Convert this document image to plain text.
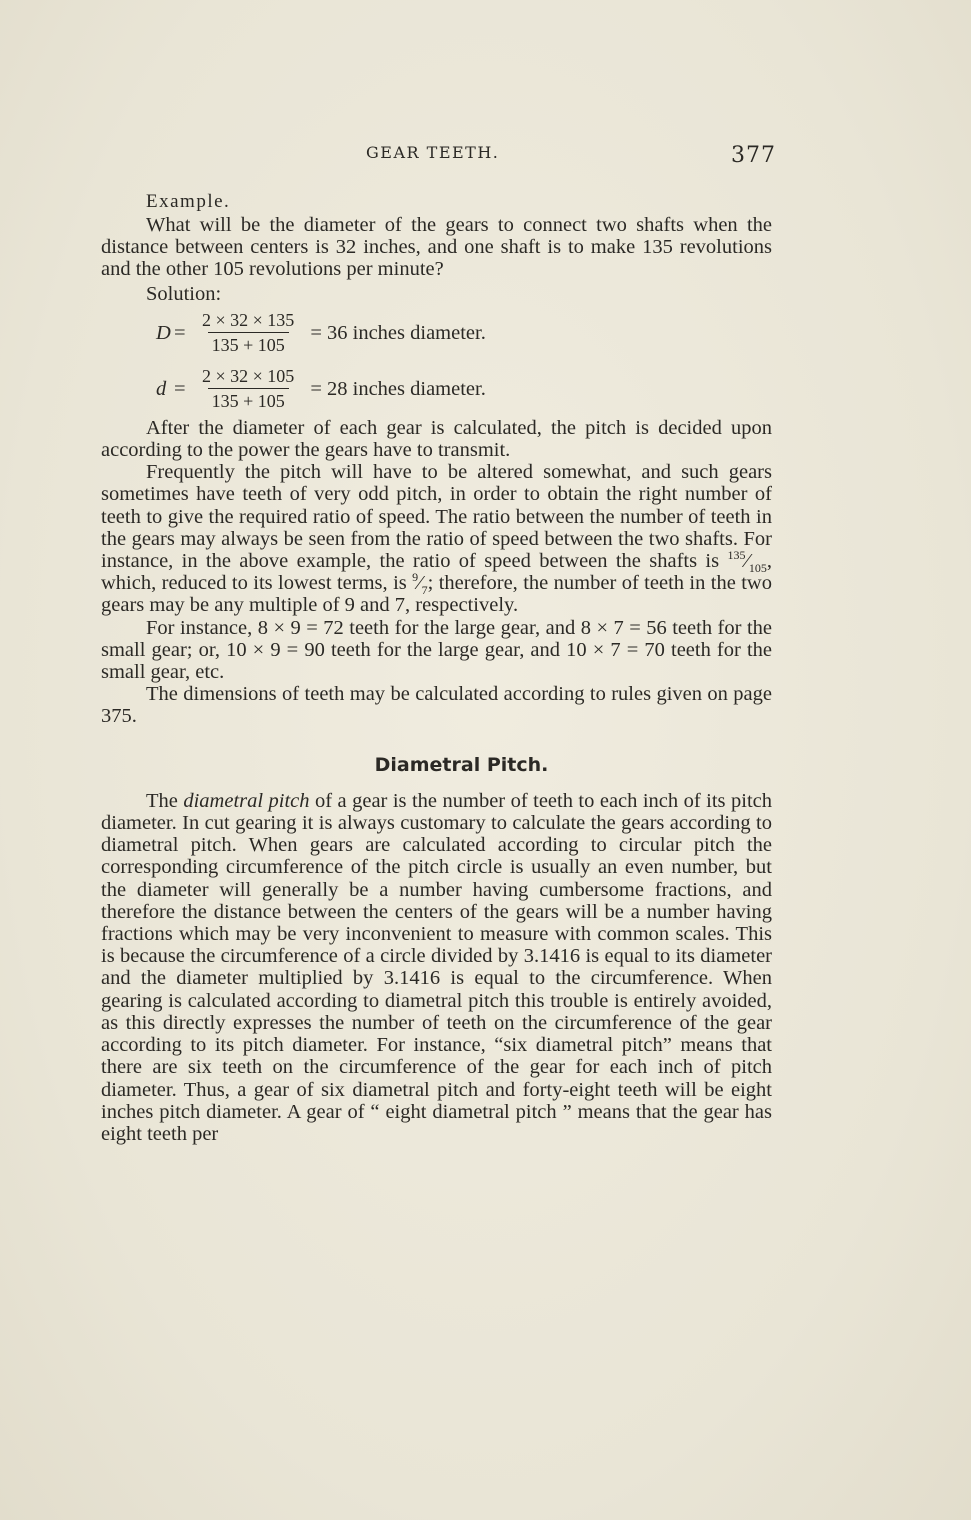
GEAR TEETH.	377
Example.

What will be the diameter of the gears to connect two shafts when the distance between centers is 32 inches, and one shaft is to make 135 revolutions and the other 105 revolutions per minute?

Solution:
$D = \frac{2 \times 32 \times 135}{135 + 105} = 36$ inches diameter.
$d = \frac{2 \times 32 \times 105}{135 + 105} = 28$ inches diameter.

After the diameter of each gear is calculated, the pitch is decided upon according to the power the gears have to transmit.

Frequently the pitch will have to be altered somewhat, and such gears sometimes have teeth of very odd pitch, in order to obtain the right number of teeth to give the required ratio of speed. The ratio between the number of teeth in the gears may always be seen from the ratio of speed between the two shafts. For instance, in the above example, the ratio of speed between the shafts is $^{135}⁄_{105}$, which, reduced to its lowest terms, is $^9⁄_7$; therefore, the number of teeth in the two gears may be any multiple of 9 and 7, respectively.

For instance, 8 × 9 = 72 teeth for the large gear, and 8 × 7 = 56 teeth for the small gear; or, 10 × 9 = 90 teeth for the large gear, and 10 × 7 = 70 teeth for the small gear, etc.

The dimensions of teeth may be calculated according to rules given on page 375.

Diametral Pitch.

The diametral pitch of a gear is the number of teeth to each inch of its pitch diameter. In cut gearing it is always customary to calculate the gears according to diametral pitch. When gears are calculated according to circular pitch the corresponding circumference of the pitch circle is usually an even number, but the diameter will generally be a number having cumbersome fractions, and therefore the distance between the centers of the gears will be a number having fractions which may be very inconvenient to measure with common scales. This is because the circumference of a circle divided by 3.1416 is equal to its diameter and the diameter multiplied by 3.1416 is equal to the circumference. When gearing is calculated according to diametral pitch this trouble is entirely avoided, as this directly expresses the number of teeth on the circumference of the gear according to its pitch diameter. For instance, “six diametral pitch” means that there are six teeth on the circumference of the gear for each inch of pitch diameter. Thus, a gear of six diametral pitch and forty-eight teeth will be eight inches pitch diameter. A gear of “ eight diametral pitch ” means that the gear has eight teeth per
